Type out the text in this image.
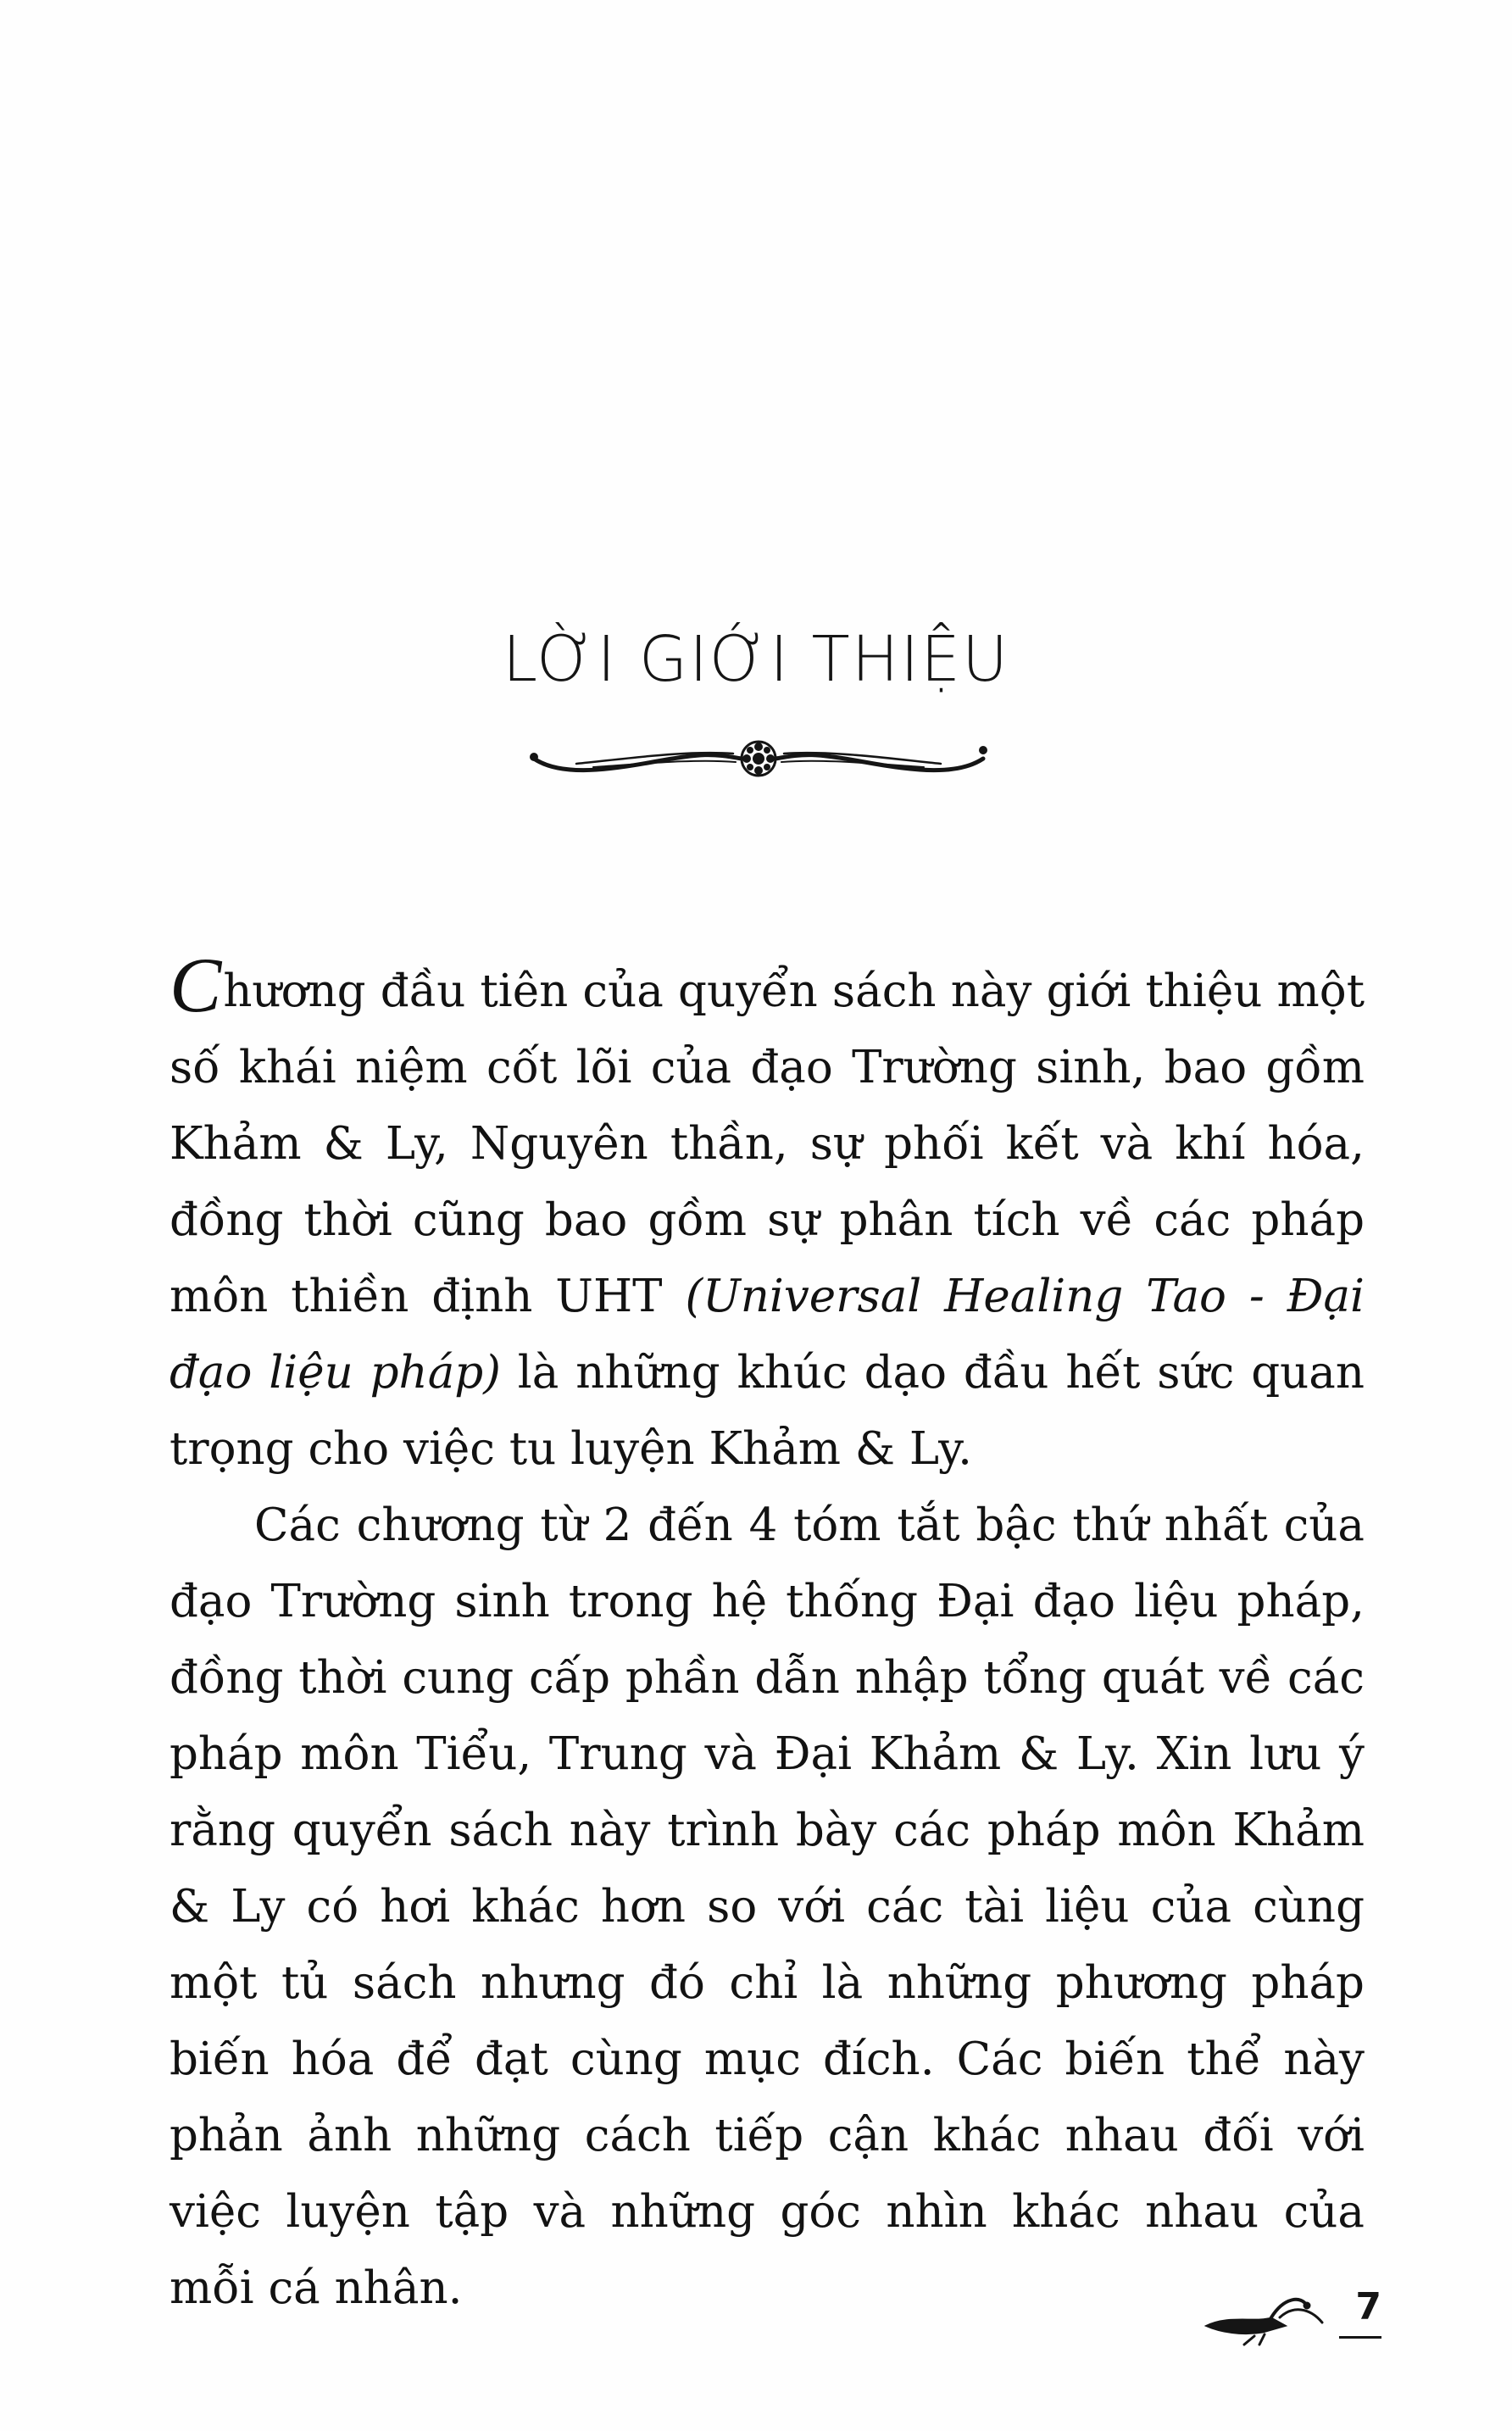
LỜI GIỚI THIỆU

Chương đầu tiên của quyển sách này giới thiệu một số khái niệm cốt lõi của đạo Trường sinh, bao gồm Khảm & Ly, Nguyên thần, sự phối kết và khí hóa, đồng thời cũng bao gồm sự phân tích về các pháp môn thiền định UHT (Universal Healing Tao - Đại đạo liệu pháp) là những khúc dạo đầu hết sức quan trọng cho việc tu luyện Khảm & Ly.

Các chương từ 2 đến 4 tóm tắt bậc thứ nhất của đạo Trường sinh trong hệ thống Đại đạo liệu pháp, đồng thời cung cấp phần dẫn nhập tổng quát về các pháp môn Tiểu, Trung và Đại Khảm & Ly. Xin lưu ý rằng quyển sách này trình bày các pháp môn Khảm & Ly có hơi khác hơn so với các tài liệu của cùng một tủ sách nhưng đó chỉ là những phương pháp biến hóa để đạt cùng mục đích. Các biến thể này phản ảnh những cách tiếp cận khác nhau đối với việc luyện tập và những góc nhìn khác nhau của mỗi cá nhân.	7
